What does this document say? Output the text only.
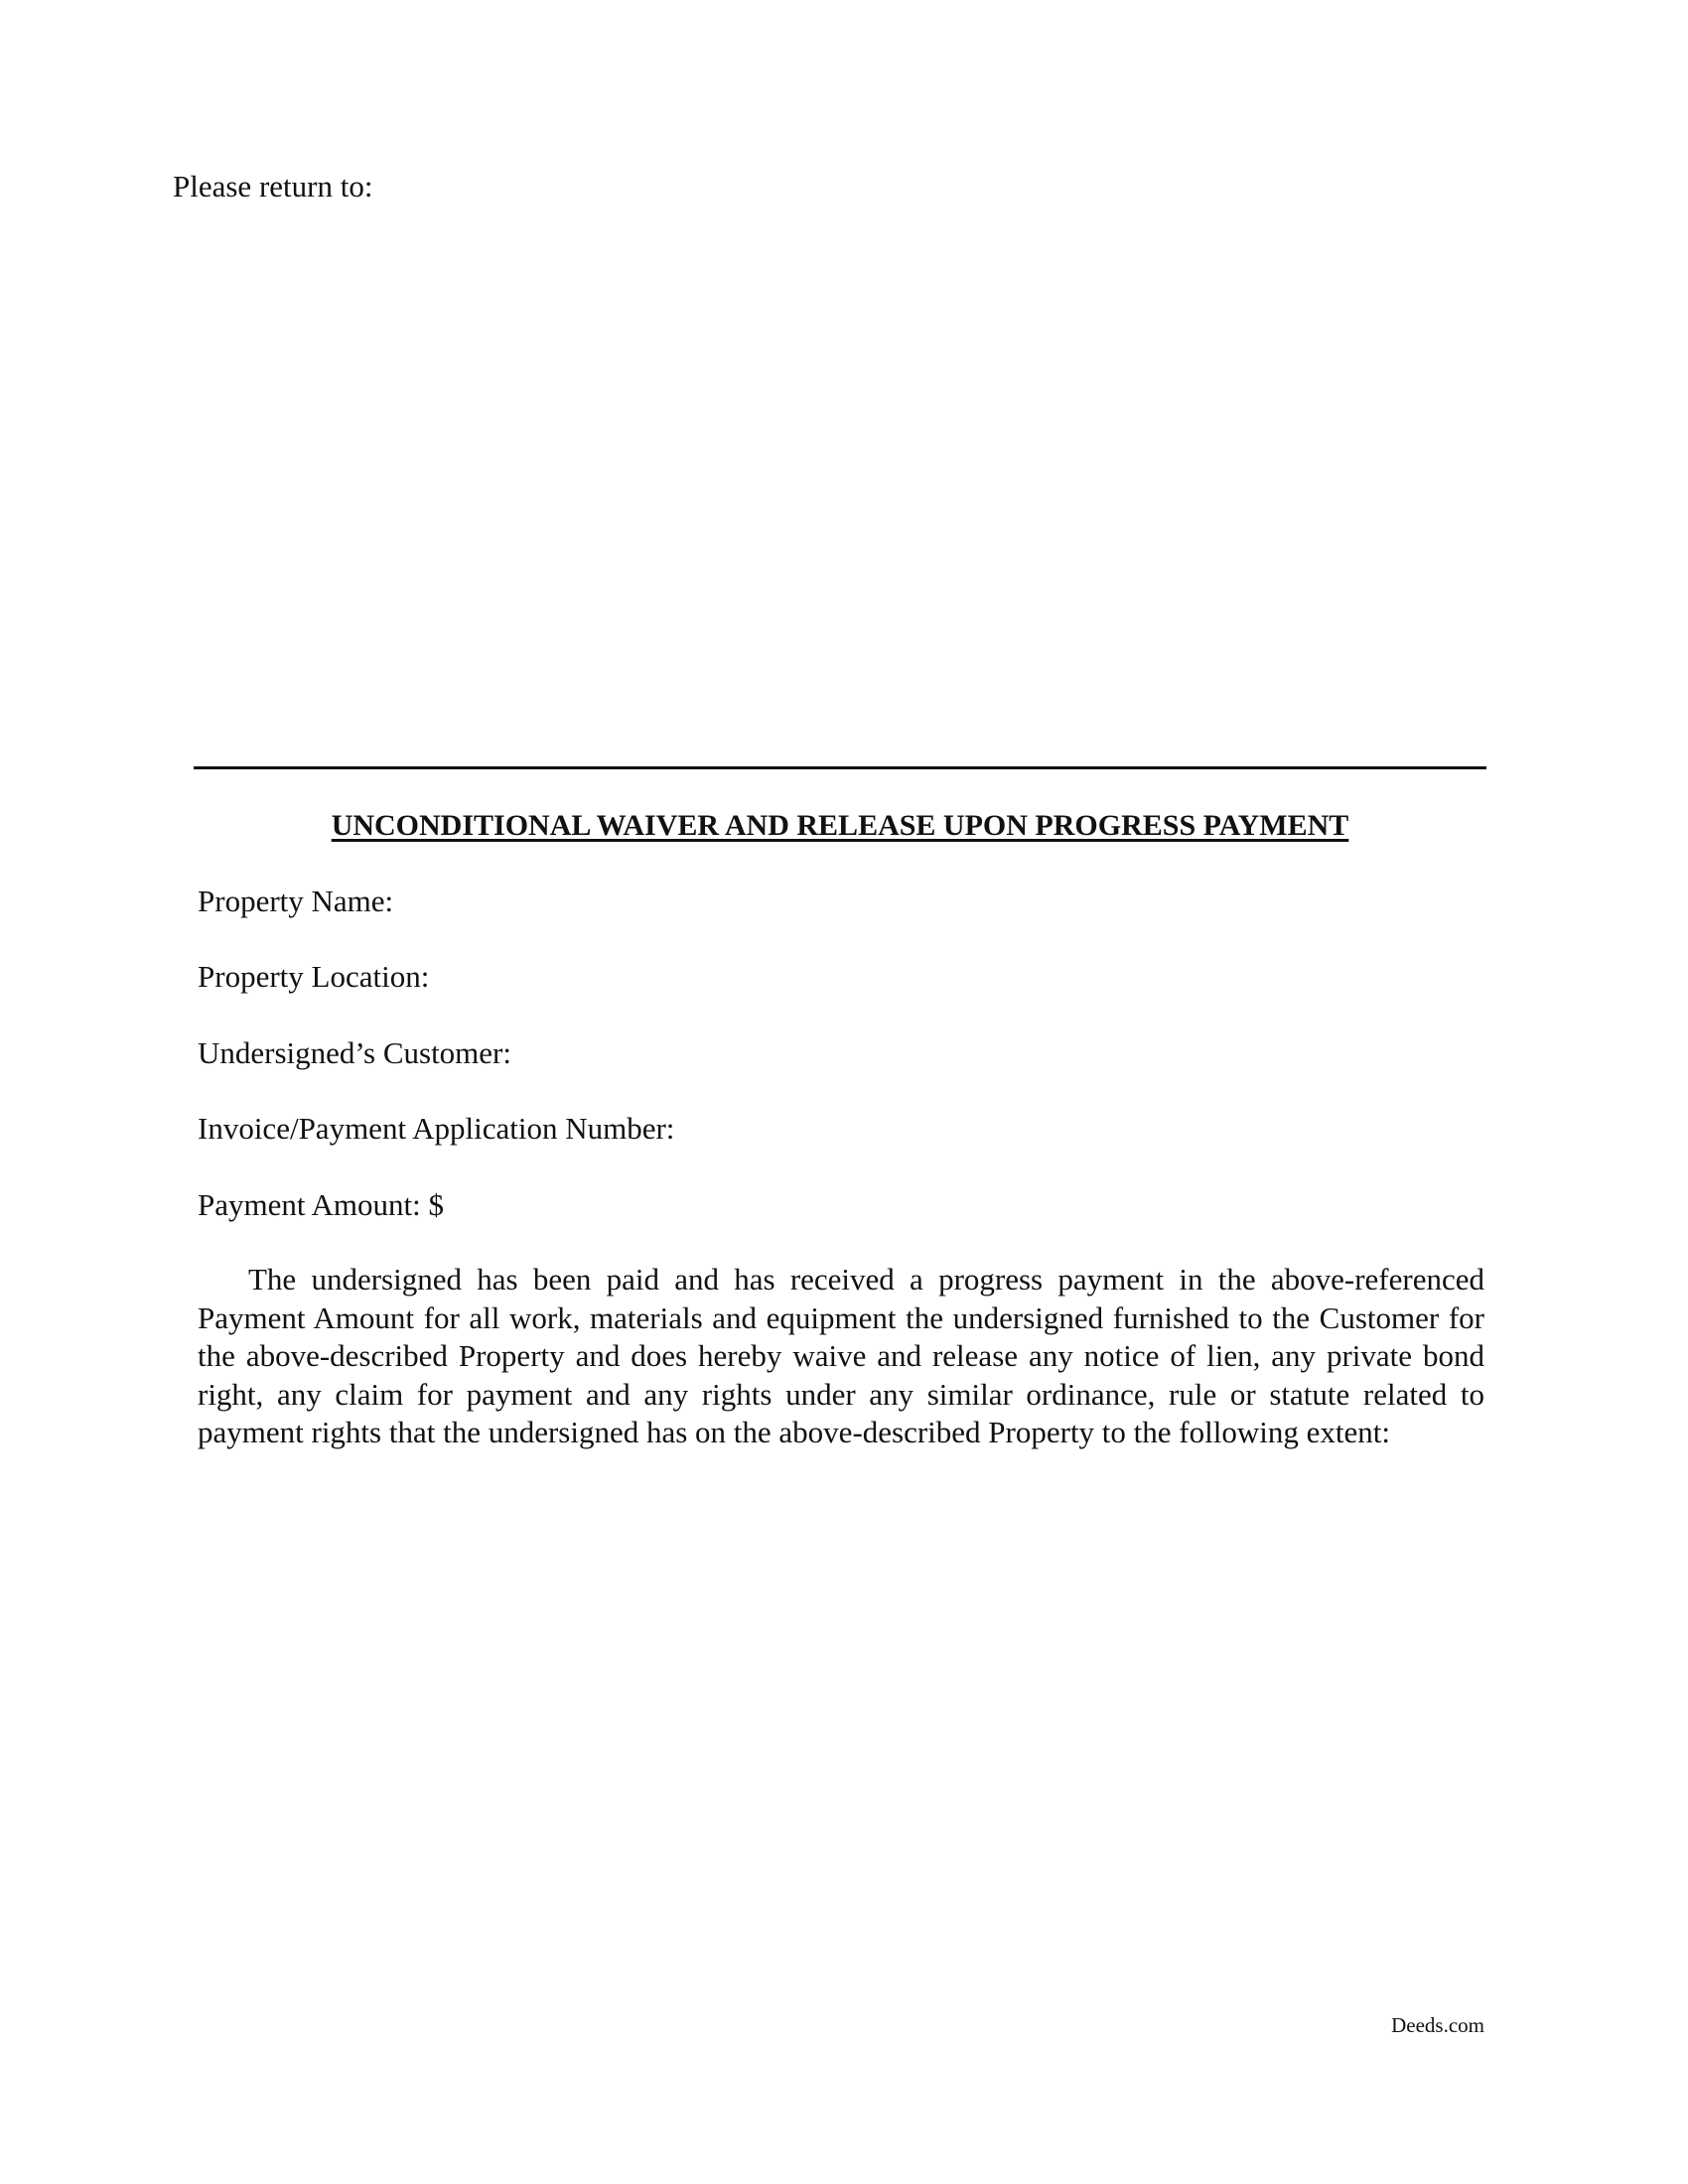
Please return to:
UNCONDITIONAL WAIVER AND RELEASE UPON PROGRESS PAYMENT
Property Name:
Property Location:
Undersigned’s Customer:
Invoice/Payment Application Number:
Payment Amount: $

The undersigned has been paid and has received a progress payment in the above-referenced Payment Amount for all work, materials and equipment the undersigned furnished to the Customer for the above-described Property and does hereby waive and release any notice of lien, any private bond right, any claim for payment and any rights under any similar ordinance, rule or statute related to payment rights that the undersigned has on the above-described Property to the following extent:

Deeds.com
